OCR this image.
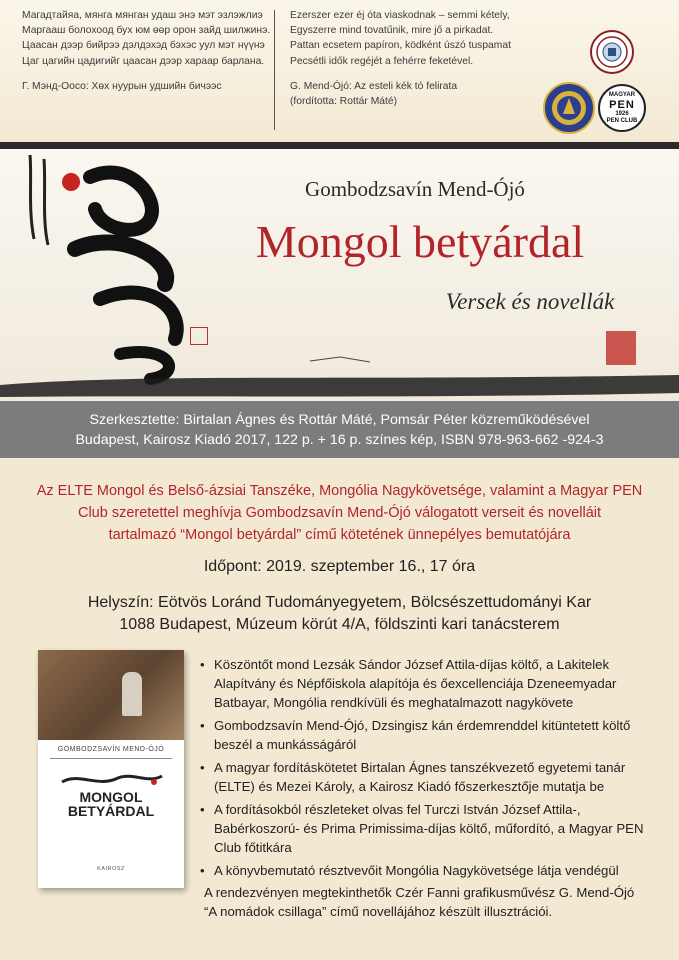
Магадтайяа, мянга мянган удаш энэ мэт эзлэжлиэ
Маргааш болохоод бух юм өөр орон зайд шилжинэ.
Цаасан дээр бийрээ дэлдэхэд бэхэс уул мэт нүүнэ
Цаг цагийн цадигийг цаасан дээр хараар барлана.
Г. Мэнд-Оосо: Хөх нуурын удшийн бичээс
Ezerszer ezer éj óta viaskodnak – semmi kétely,
Egyszerre mind tovatűnik, mire jő a pirkadat.
Pattan ecsetem papíron, ködként úszó tuspamat
Pecsétli idők regéjét a fehérre feketével.
G. Mend-Ójó: Az esteli kék tó felirata
(fordította: Rottár Máté)
MAGYAR
PEN
1926
PEN CLUB
Gombodzsavín Mend-Ójó
Mongol betyárdal
Versek és novellák
Szerkesztette: Birtalan Ágnes és Rottár Máté, Pomsár Péter közreműködésével
Budapest, Kairosz Kiadó 2017, 122 p. + 16 p. színes kép, ISBN 978-963-662 -924-3
Az ELTE Mongol és Belső-ázsiai Tanszéke, Mongólia Nagykövetsége, valamint a Magyar PEN
Club szeretettel meghívja Gombodzsavín Mend-Ójó válogatott verseit és novelláit
tartalmazó “Mongol betyárdal” című kötetének ünnepélyes bemutatójára
Időpont: 2019. szeptember 16., 17 óra
Helyszín: Eötvös Loránd Tudományegyetem, Bölcsészettudományi Kar
1088 Budapest, Múzeum körút 4/A, földszinti kari tanácsterem
GOMBODZSAVÍN MEND-ÓJÓ
MONGOL
BETYÁRDAL
KAIROSZ
• Köszöntőt mond Lezsák Sándor József Attila-díjas költő, a Lakitelek
Alapítvány és Népfőiskola alapítója és őexcellenciája Dzeneemyadar
Batbayar, Mongólia rendkívüli és meghatalmazott nagykövete
• Gombodzsavín Mend-Ójó, Dzsingisz kán érdemrenddel kitüntetett költő
beszél a munkásságáról
• A magyar fordításkötetet Birtalan Ágnes tanszékvezető egyetemi tanár
(ELTE) és Mezei Károly, a Kairosz Kiadó főszerkesztője mutatja be
• A fordításokból részleteket olvas fel Turczi István József Attila-,
Babérkoszorú- és Prima Primissima-díjas költő, műfordító, a Magyar PEN
Club főtitkára
• A könyvbemutató résztvevőit Mongólia Nagykövetsége látja vendégül
A rendezvényen megtekinthetők Czér Fanni grafikusművész G. Mend-Ójó
“A nomádok csillaga” című novellájához készült illusztrációi.
